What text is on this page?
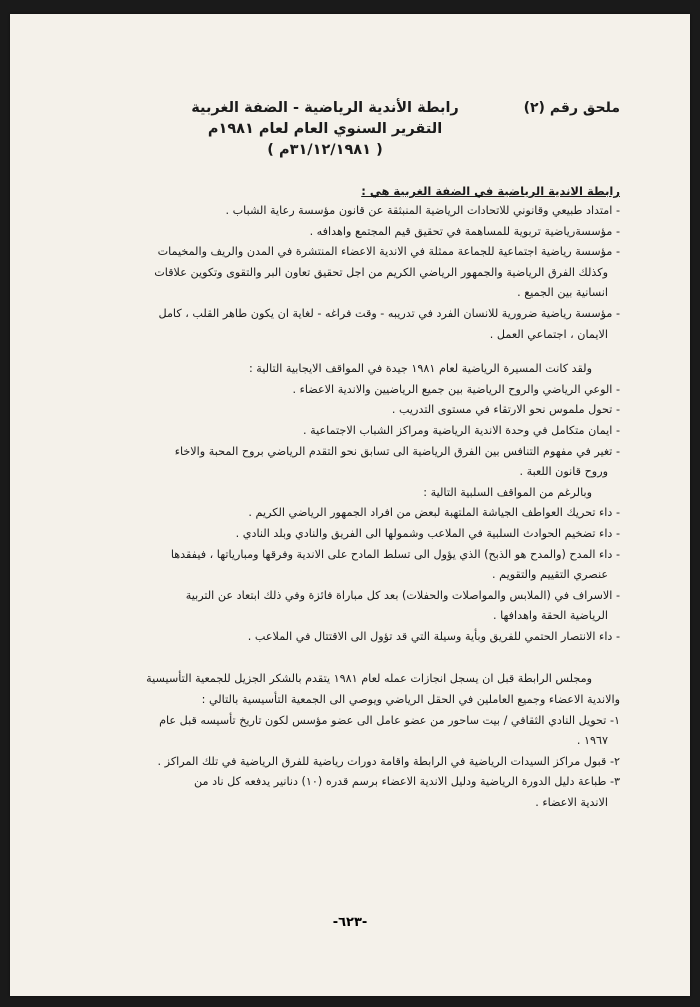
ملحق رقم (٢)
رابطة الأندية الرياضية - الضفة الغربية
التقرير السنوي العام لعام ١٩٨١م
( ٣١/١٢/١٩٨١م )
رابطة الاندية الرياضية في الضفة الغربية هي :
- امتداد طبيعي وقانوني للاتحادات الرياضية المنبثقة عن قانون مؤسسة رعاية الشباب .
- مؤسسةرياضية تربوية للمساهمة في تحقيق قيم المجتمع واهدافه .
- مؤسسة رياضية اجتماعية للجماعة ممثلة في الاندية الاعضاء المنتشرة في المدن والريف والمخيمات
وكذلك الفرق الرياضية والجمهور الرياضي الكريم من اجل تحقيق تعاون البر والتقوى وتكوين علاقات
انسانية بين الجميع .
- مؤسسة رياضية ضرورية للانسان الفرد في تدريبه - وقت فراغه - لغاية ان يكون طاهر القلب ، كامل
الايمان ، اجتماعي العمل .
ولقد كانت المسيرة الرياضية لعام ١٩٨١ جيدة في المواقف الايجابية التالية :
- الوعي الرياضي والروح الرياضية بين جميع الرياضيين والاندية الاعضاء .
- تحول ملموس نحو الارتقاء في مستوى التدريب .
- ايمان متكامل في وحدة الاندية الرياضية ومراكز الشباب الاجتماعية .
- تغير في مفهوم التنافس بين الفرق الرياضية الى تسابق نحو التقدم الرياضي بروح المحبة والاخاء
وروح قانون اللعبة .
وبالرغم من المواقف السلبية التالية :
- داء تحريك العواطف الجياشة الملتهبة لبعض من افراد الجمهور الرياضي الكريم .
- داء تضخيم الحوادث السلبية في الملاعب وشمولها الى الفريق والنادي وبلد النادي .
- داء المدح (والمدح هو الذبح) الذي يؤول الى تسلط المادح على الاندية وفرقها ومبارياتها ، فيفقدها
عنصري التقييم والتقويم .
- الاسراف في (الملابس والمواصلات والحفلات) بعد كل مباراة فائزة وفي ذلك ابتعاد عن التربية
الرياضية الحقة واهدافها .
- داء الانتصار الحتمي للفريق وبأية وسيلة التي قد تؤول الى الاقتتال في الملاعب .
ومجلس الرابطة قبل ان يسجل انجازات عمله لعام ١٩٨١ يتقدم بالشكر الجزيل للجمعية التأسيسية
والاندية الاعضاء وجميع العاملين في الحقل الرياضي ويوصي الى الجمعية التأسيسية بالتالي :
١- تحويل النادي الثقافي / بيت ساحور من عضو عامل الى عضو مؤسس لكون تاريخ تأسيسه قبل عام
١٩٦٧ .
٢- قبول مراكز السيدات الرياضية في الرابطة واقامة دورات رياضية للفرق الرياضية في تلك المراكز .
٣- طباعة دليل الدورة الرياضية ودليل الاندية الاعضاء برسم قدره (١٠) دنانير يدفعه كل ناد من
الاندية الاعضاء .
-٦٢٣-
